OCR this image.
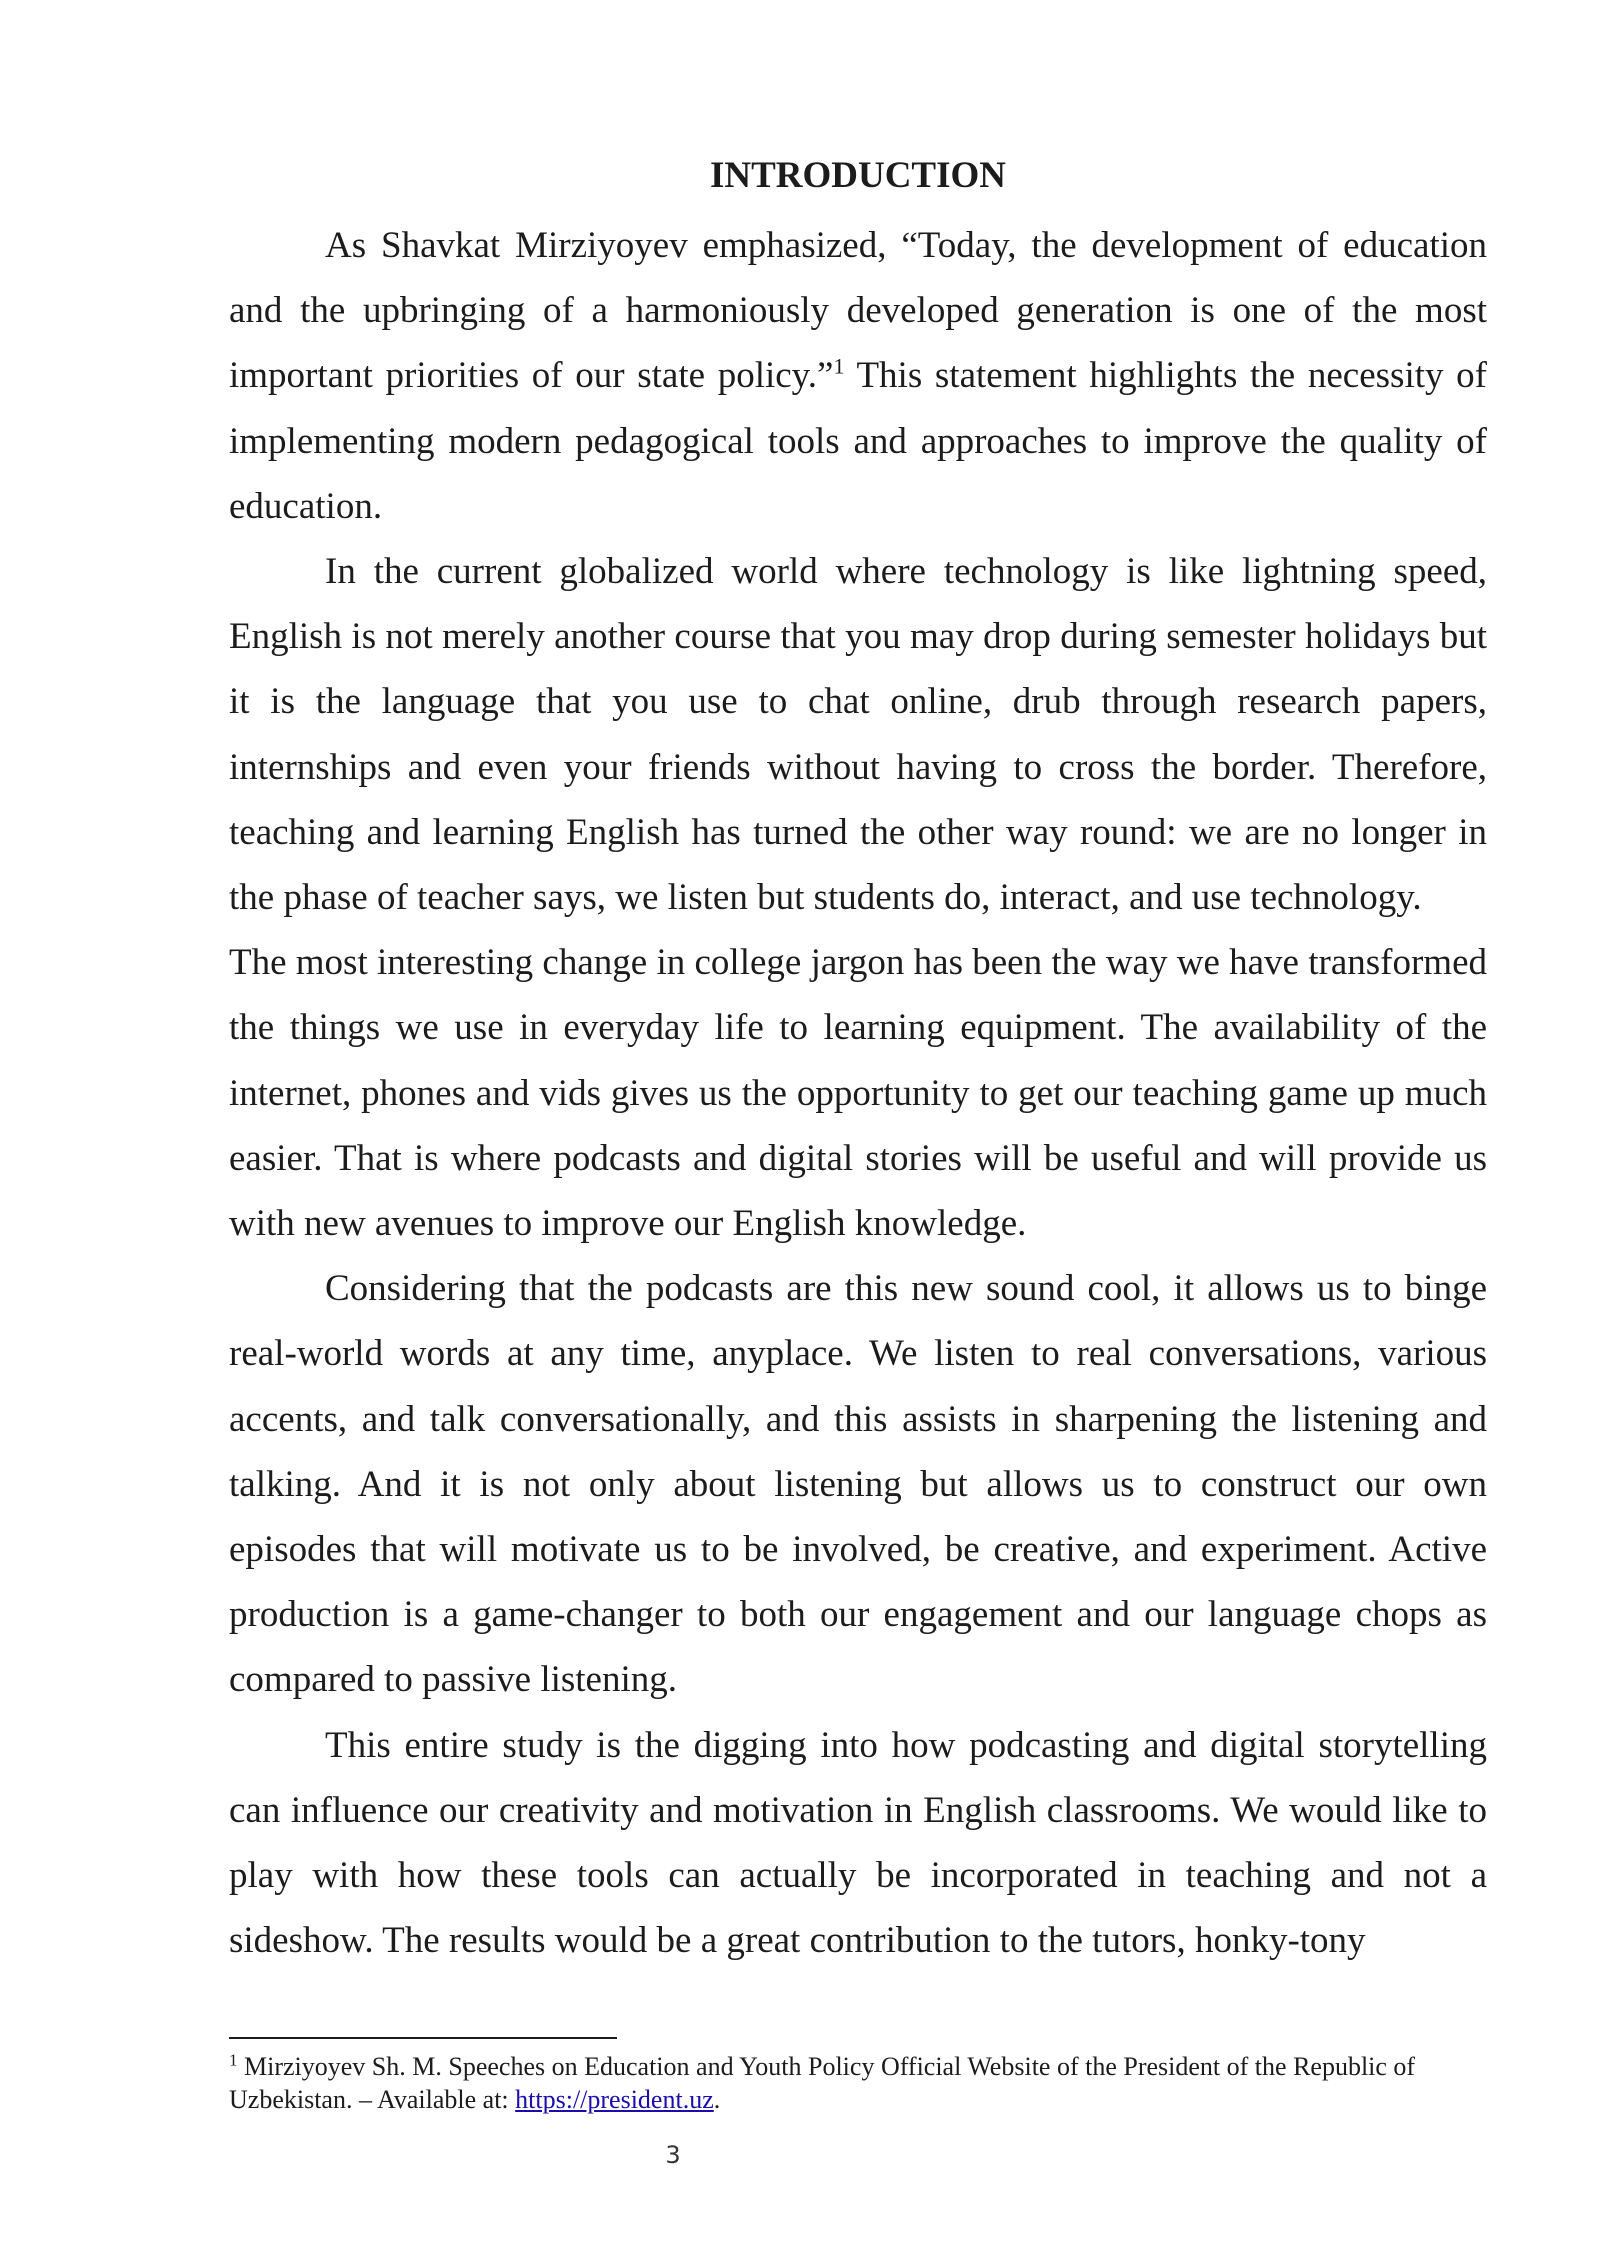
INTRODUCTION

As Shavkat Mirziyoyev emphasized, “Today, the development of education and the upbringing of a harmoniously developed generation is one of the most important priorities of our state policy.”$^1$ This statement highlights the necessity of implementing modern pedagogical tools and approaches to improve the quality of education.

In the current globalized world where technology is like lightning speed, English is not merely another course that you may drop during semester holidays but it is the language that you use to chat online, drub through research papers, internships and even your friends without having to cross the border. Therefore, teaching and learning English has turned the other way round: we are no longer in the phase of teacher says, we listen but students do, interact, and use technology.

The most interesting change in college jargon has been the way we have transformed the things we use in everyday life to learning equipment. The availability of the internet, phones and vids gives us the opportunity to get our teaching game up much easier. That is where podcasts and digital stories will be useful and will provide us with new avenues to improve our English knowledge.

Considering that the podcasts are this new sound cool, it allows us to binge real-world words at any time, anyplace. We listen to real conversations, various accents, and talk conversationally, and this assists in sharpening the listening and talking. And it is not only about listening but allows us to construct our own episodes that will motivate us to be involved, be creative, and experiment. Active production is a game-changer to both our engagement and our language chops as compared to passive listening.

This entire study is the digging into how podcasting and digital storytelling can influence our creativity and motivation in English classrooms. We would like to play with how these tools can actually be incorporated in teaching and not a sideshow. The results would be a great contribution to the tutors, honky-tony

$^1$ Mirziyoyev Sh. M. Speeches on Education and Youth Policy Official Website of the President of the Republic of Uzbekistan. – Available at: https://president.uz.

3
